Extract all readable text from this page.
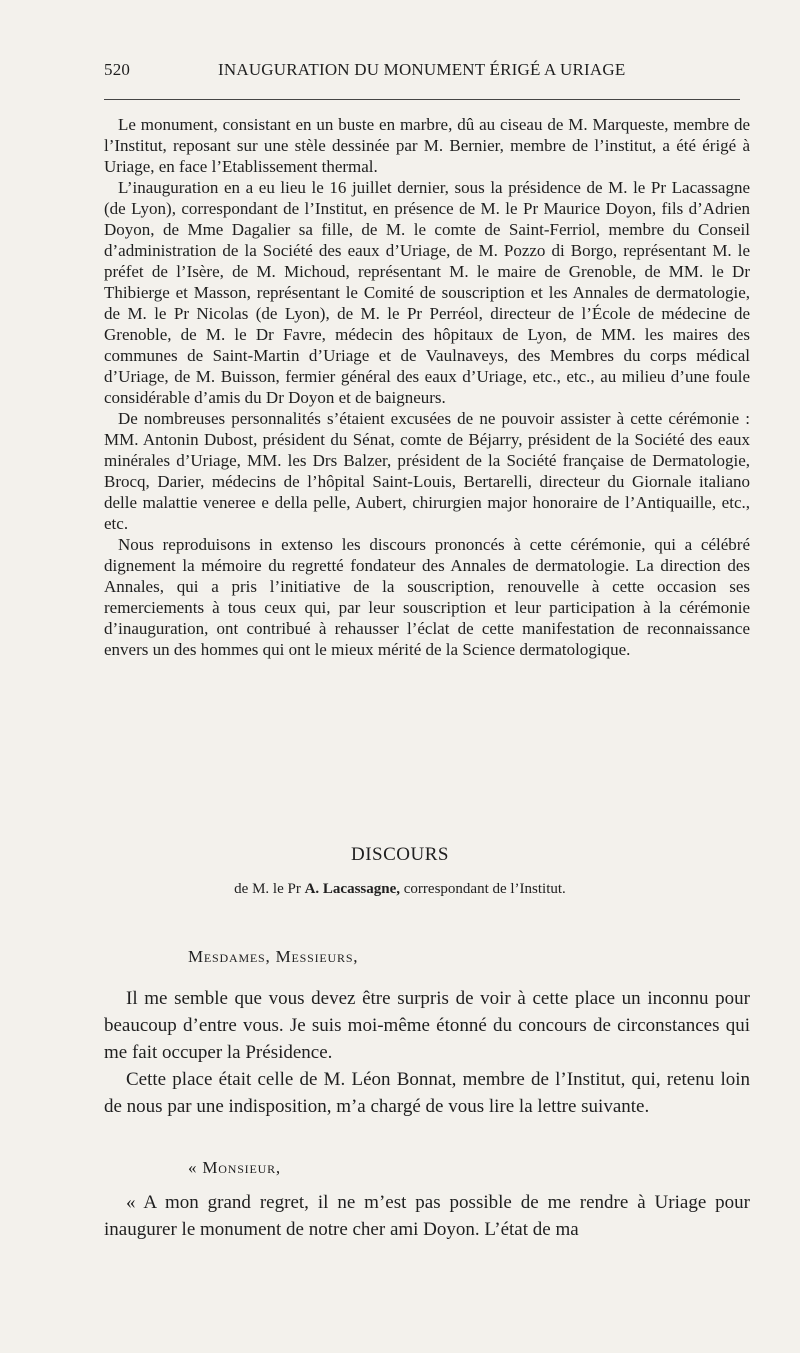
520	INAUGURATION DU MONUMENT ÉRIGÉ A URIAGE

Le monument, consistant en un buste en marbre, dû au ciseau de M. Marqueste, membre de l’Institut, reposant sur une stèle dessinée par M. Bernier, membre de l’institut, a été érigé à Uriage, en face l’Etablissement thermal.

L’inauguration en a eu lieu le 16 juillet dernier, sous la présidence de M. le Pr Lacassagne (de Lyon), correspondant de l’Institut, en présence de M. le Pr Maurice Doyon, fils d’Adrien Doyon, de Mme Dagalier sa fille, de M. le comte de Saint-Ferriol, membre du Conseil d’administration de la Société des eaux d’Uriage, de M. Pozzo di Borgo, représentant M. le préfet de l’Isère, de M. Michoud, représentant M. le maire de Grenoble, de MM. le Dr Thibierge et Masson, représentant le Comité de souscription et les Annales de dermatologie, de M. le Pr Nicolas (de Lyon), de M. le Pr Perréol, directeur de l’École de médecine de Grenoble, de M. le Dr Favre, médecin des hôpitaux de Lyon, de MM. les maires des communes de Saint-Martin d’Uriage et de Vaulnaveys, des Membres du corps médical d’Uriage, de M. Buisson, fermier général des eaux d’Uriage, etc., etc., au milieu d’une foule considérable d’amis du Dr Doyon et de baigneurs.

De nombreuses personnalités s’étaient excusées de ne pouvoir assister à cette cérémonie : MM. Antonin Dubost, président du Sénat, comte de Béjarry, président de la Société des eaux minérales d’Uriage, MM. les Drs Balzer, président de la Société française de Dermatologie, Brocq, Darier, médecins de l’hôpital Saint-Louis, Bertarelli, directeur du Giornale italiano delle malattie veneree e della pelle, Aubert, chirurgien major honoraire de l’Antiquaille, etc., etc.

Nous reproduisons in extenso les discours prononcés à cette cérémonie, qui a célébré dignement la mémoire du regretté fondateur des Annales de dermatologie. La direction des Annales, qui a pris l’initiative de la souscription, renouvelle à cette occasion ses remerciements à tous ceux qui, par leur souscription et leur participation à la cérémonie d’inauguration, ont contribué à rehausser l’éclat de cette manifestation de reconnaissance envers un des hommes qui ont le mieux mérité de la Science dermatologique.

DISCOURS
de M. le Pr A. Lacassagne, correspondant de l’Institut.
Mesdames, Messieurs,

Il me semble que vous devez être surpris de voir à cette place un inconnu pour beaucoup d’entre vous. Je suis moi-même étonné du concours de circonstances qui me fait occuper la Présidence.

Cette place était celle de M. Léon Bonnat, membre de l’Institut, qui, retenu loin de nous par une indisposition, m’a chargé de vous lire la lettre suivante.

« Monsieur,

« A mon grand regret, il ne m’est pas possible de me rendre à Uriage pour inaugurer le monument de notre cher ami Doyon. L’état de ma
